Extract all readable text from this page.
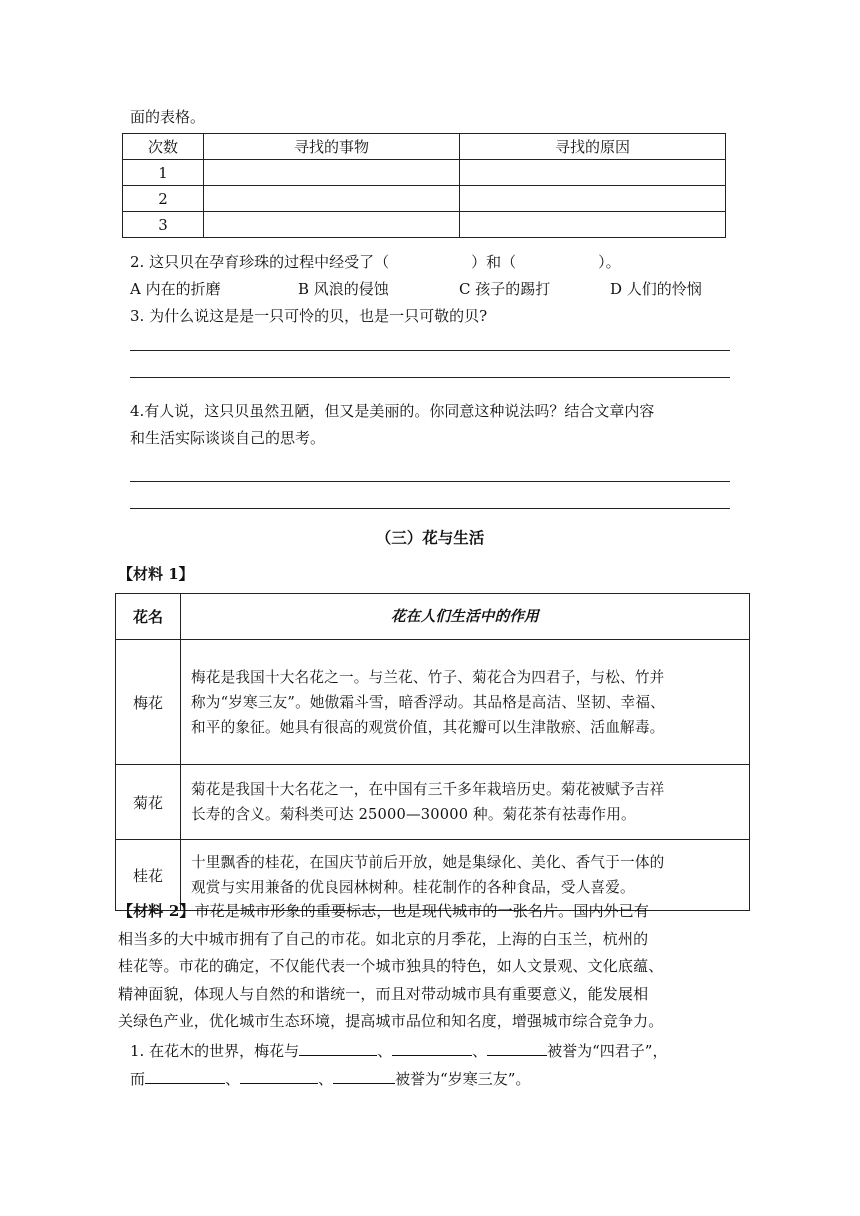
面的表格。
次数	寻找的事物	寻找的原因
1		
2		
3		
2. 这只贝在孕育珍珠的过程中经受了（	）和（	）。
A 内在的折磨	B 风浪的侵蚀	C 孩子的踢打	D 人们的怜悯
3. 为什么说这是是一只可怜的贝，也是一只可敬的贝?
4.有人说，这只贝虽然丑陋，但又是美丽的。你同意这种说法吗？结合文章内容
和生活实际谈谈自己的思考。
（三）花与生活
【材料 1】
花名	花在人们生活中的作用
梅花	梅花是我国十大名花之一。与兰花、竹子、菊花合为四君子，与松、竹并
称为“岁寒三友”。她傲霜斗雪，暗香浮动。其品格是高洁、坚韧、幸福、
和平的象征。她具有很高的观赏价值，其花瓣可以生津散瘀、活血解毒。

菊花	菊花是我国十大名花之一，在中国有三千多年栽培历史。菊花被赋予吉祥
长寿的含义。菊科类可达 25000—30000 种。菊花茶有祛毒作用。

桂花	十里飘香的桂花，在国庆节前后开放，她是集绿化、美化、香气于一体的
观赏与实用兼备的优良园林树种。桂花制作的各种食品，受人喜爱。
【材料 2】市花是城市形象的重要标志，也是现代城市的一张名片。国内外已有
相当多的大中城市拥有了自己的市花。如北京的月季花，上海的白玉兰，杭州的
桂花等。市花的确定，不仅能代表一个城市独具的特色，如人文景观、文化底蕴、
精神面貌，体现人与自然的和谐统一，而且对带动城市具有重要意义，能发展相
关绿色产业，优化城市生态环境，提高城市品位和知名度，增强城市综合竞争力。
1. 在花木的世界，梅花与	、	、	被誉为“四君子”，
而	、	、	被誉为“岁寒三友”。
